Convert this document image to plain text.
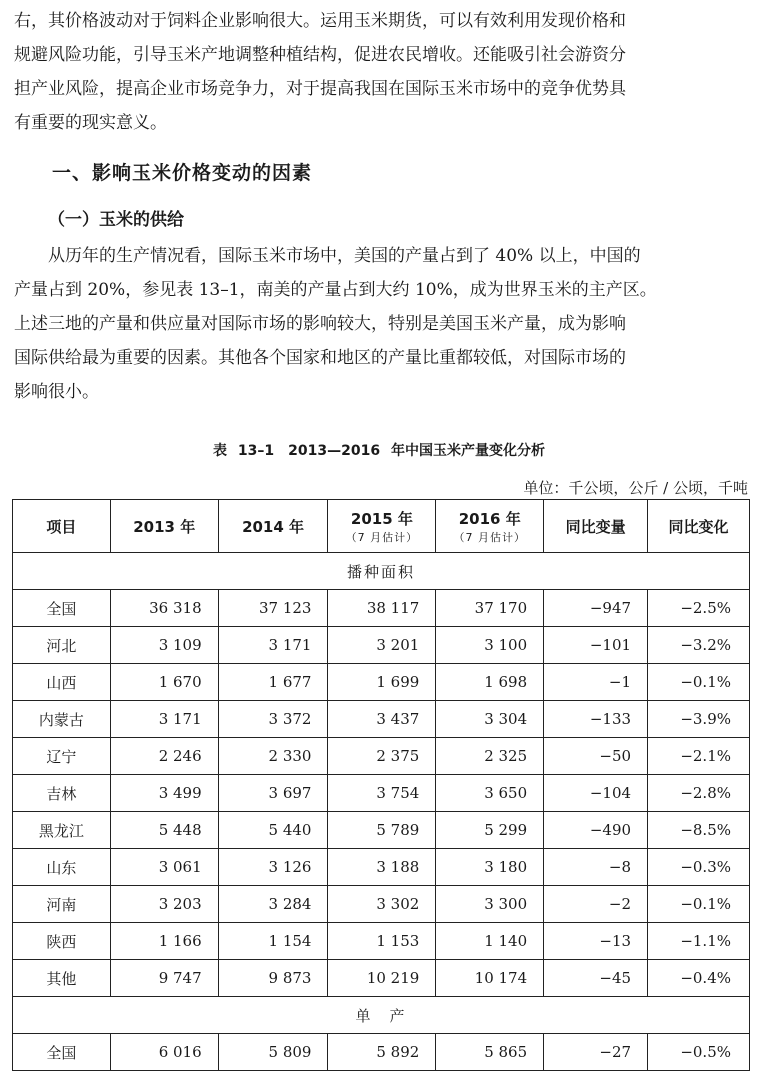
右，其价格波动对于饲料企业影响很大。运用玉米期货，可以有效利用发现价格和
规避风险功能，引导玉米产地调整种植结构，促进农民增收。还能吸引社会游资分
担产业风险，提高企业市场竞争力，对于提高我国在国际玉米市场中的竞争优势具
有重要的现实意义。

一、影响玉米价格变动的因素
（一）玉米的供给

　　从历年的生产情况看，国际玉米市场中，美国的产量占到了 40% 以上，中国的
产量占到 20%，参见表 13–1，南美的产量占到大约 10%，成为世界玉米的主产区。
上述三地的产量和供应量对国际市场的影响较大，特别是美国玉米产量，成为影响
国际供给最为重要的因素。其他各个国家和地区的产量比重都较低，对国际市场的
影响很小。

表 13–1　2013—2016 年中国玉米产量变化分析

单位：千公顷，公斤 / 公顷，千吨

项目	2013 年	2014 年	2015 年
（7 月估计）	2016 年
（7 月估计）	同比变量	同比变化
播种面积						
全国	36 318	37 123	38 117	37 170	−947	−2.5%
河北	3 109	3 171	3 201	3 100	−101	−3.2%
山西	1 670	1 677	1 699	1 698	−1	−0.1%
内蒙古	3 171	3 372	3 437	3 304	−133	−3.9%
辽宁	2 246	2 330	2 375	2 325	−50	−2.1%
吉林	3 499	3 697	3 754	3 650	−104	−2.8%
黑龙江	5 448	5 440	5 789	5 299	−490	−8.5%
山东	3 061	3 126	3 188	3 180	−8	−0.3%
河南	3 203	3 284	3 302	3 300	−2	−0.1%
陕西	1 166	1 154	1 153	1 140	−13	−1.1%
其他	9 747	9 873	10 219	10 174	−45	−0.4%
单　产						
全国	6 016	5 809	5 892	5 865	−27	−0.5%
